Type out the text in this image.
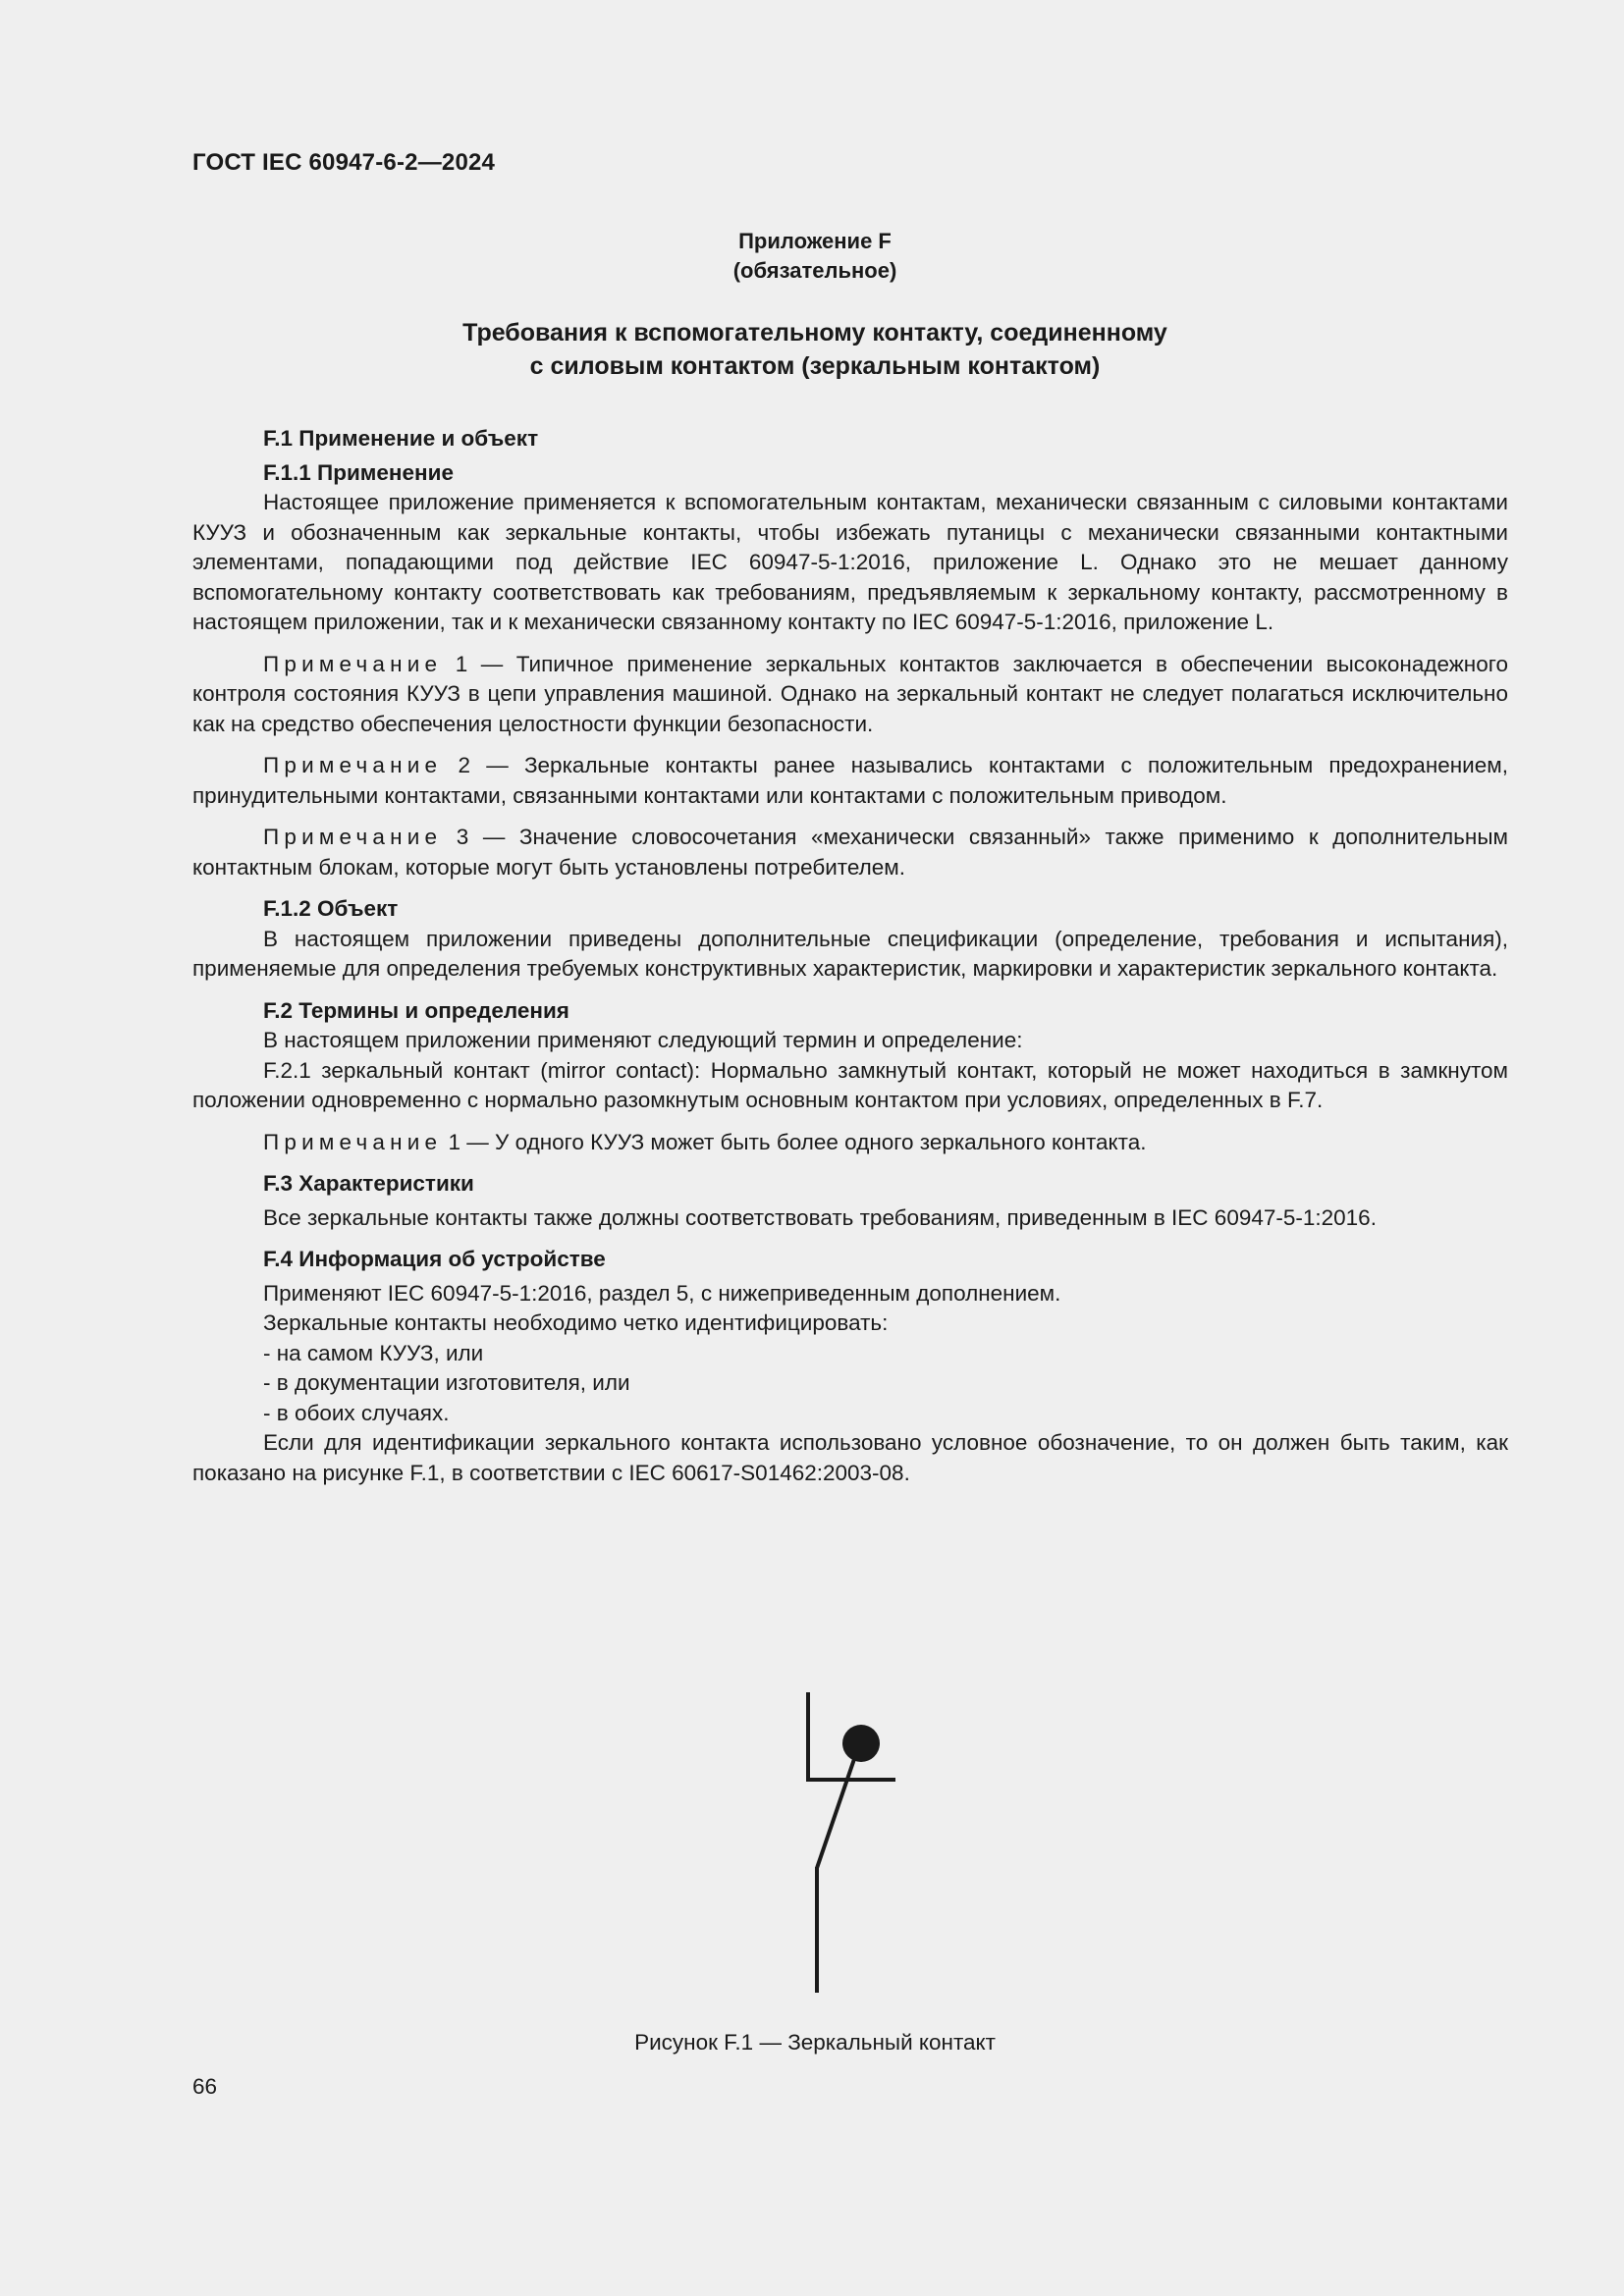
ГОСТ IEC 60947-6-2—2024
Приложение F
(обязательное)
Требования к вспомогательному контакту, соединенному
с силовым контактом (зеркальным контактом)
F.1 Применение и объект
F.1.1 Применение

Настоящее приложение применяется к вспомогательным контактам, механически связанным с силовыми контактами КУУЗ и обозначенным как зеркальные контакты, чтобы избежать путаницы с механически связанными контактными элементами, попадающими под действие IEC 60947-5-1:2016, приложение L. Однако это не мешает данному вспомогательному контакту соответствовать как требованиям, предъявляемым к зеркальному контакту, рассмотренному в настоящем приложении, так и к механически связанному контакту по IEC 60947-5-1:2016, приложение L.

Примечание 1 — Типичное применение зеркальных контактов заключается в обеспечении высоконадежного контроля состояния КУУЗ в цепи управления машиной. Однако на зеркальный контакт не следует полагаться исключительно как на средство обеспечения целостности функции безопасности.

Примечание 2 — Зеркальные контакты ранее назывались контактами с положительным предохранением, принудительными контактами, связанными контактами или контактами с положительным приводом.

Примечание 3 — Значение словосочетания «механически связанный» также применимо к дополнительным контактным блокам, которые могут быть установлены потребителем.

F.1.2 Объект

В настоящем приложении приведены дополнительные спецификации (определение, требования и испытания), применяемые для определения требуемых конструктивных характеристик, маркировки и характеристик зеркального контакта.

F.2 Термины и определения

В настоящем приложении применяют следующий термин и определение:

F.2.1 зеркальный контакт (mirror contact): Нормально замкнутый контакт, который не может находиться в замкнутом положении одновременно с нормально разомкнутым основным контактом при условиях, определенных в F.7.

Примечание 1 — У одного КУУЗ может быть более одного зеркального контакта.

F.3 Характеристики

Все зеркальные контакты также должны соответствовать требованиям, приведенным в IEC 60947-5-1:2016.

F.4 Информация об устройстве

Применяют IEC 60947-5-1:2016, раздел 5, с нижеприведенным дополнением.

Зеркальные контакты необходимо четко идентифицировать:

- на самом КУУЗ, или

- в документации изготовителя, или

- в обоих случаях.

Если для идентификации зеркального контакта использовано условное обозначение, то он должен быть таким, как показано на рисунке F.1, в соответствии с IEC 60617-S01462:2003-08.

Рисунок F.1 — Зеркальный контакт
66
